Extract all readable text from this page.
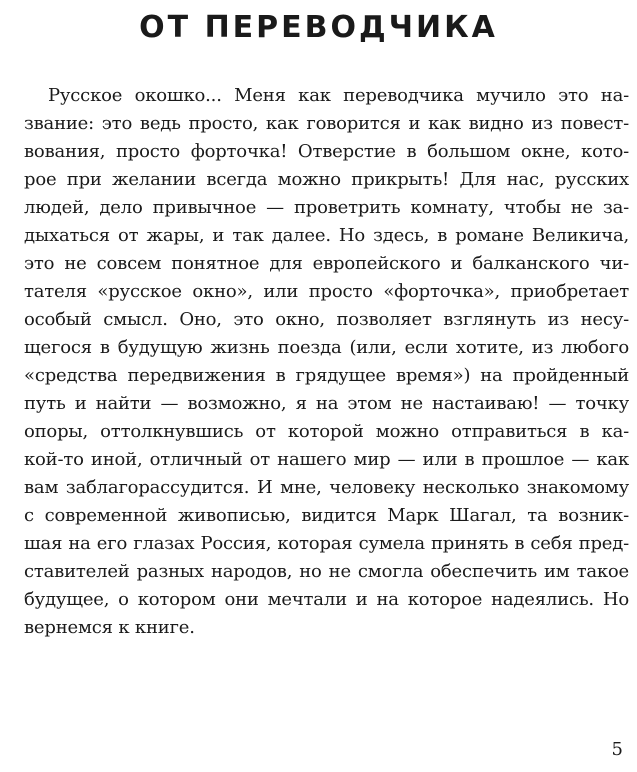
ОТ ПЕРЕВОДЧИКА
Русское окошко... Меня как переводчика мучило это на-
звание: это ведь просто, как говорится и как видно из повест-
вования, просто форточка! Отверстие в большом окне, кото-
рое при желании всегда можно прикрыть! Для нас, русских
людей, дело привычное — проветрить комнату, чтобы не за-
дыхаться от жары, и так далее. Но здесь, в романе Великича,
это не совсем понятное для европейского и балканского чи-
тателя «русское окно», или просто «форточка», приобретает
особый смысл. Оно, это окно, позволяет взглянуть из несу-
щегося в будущую жизнь поезда (или, если хотите, из любого
«средства передвижения в грядущее время») на пройденный
путь и найти — возможно, я на этом не настаиваю! — точку
опоры, оттолкнувшись от которой можно отправиться в ка-
кой-то иной, отличный от нашего мир — или в прошлое — как
вам заблагорассудится. И мне, человеку несколько знакомому
с современной живописью, видится Марк Шагал, та возник-
шая на его глазах Россия, которая сумела принять в себя пред-
ставителей разных народов, но не смогла обеспечить им такое
будущее, о котором они мечтали и на которое надеялись. Но
вернемся к книге.
5
